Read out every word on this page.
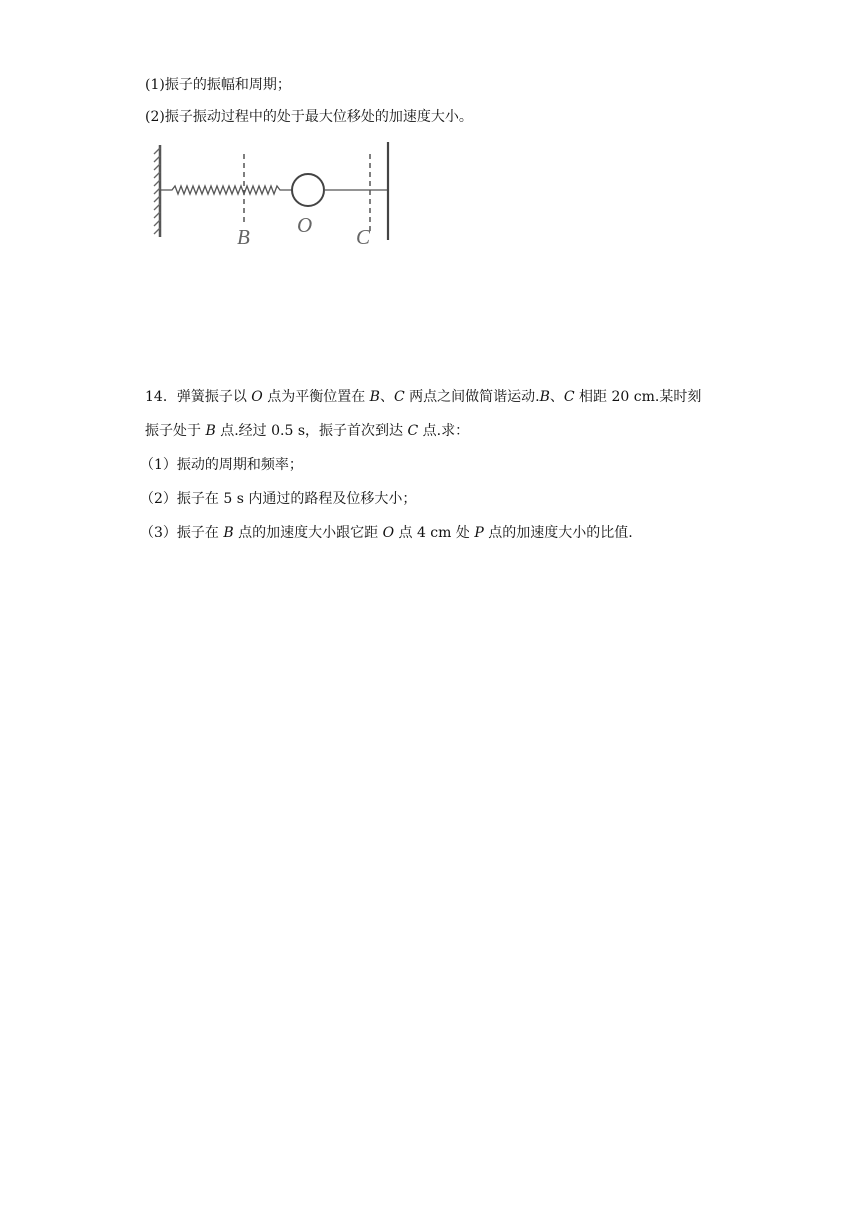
(1)振子的振幅和周期；
(2)振子振动过程中的处于最大位移处的加速度大小。
B O C
14．弹簧振子以 O 点为平衡位置在 B、C 两点之间做简谐运动.B、C 相距 20 cm.某时刻
振子处于 B 点.经过 0.5 s，振子首次到达 C 点.求：
（1）振动的周期和频率；
（2）振子在 5 s 内通过的路程及位移大小；
（3）振子在 B 点的加速度大小跟它距 O 点 4 cm 处 P 点的加速度大小的比值.
